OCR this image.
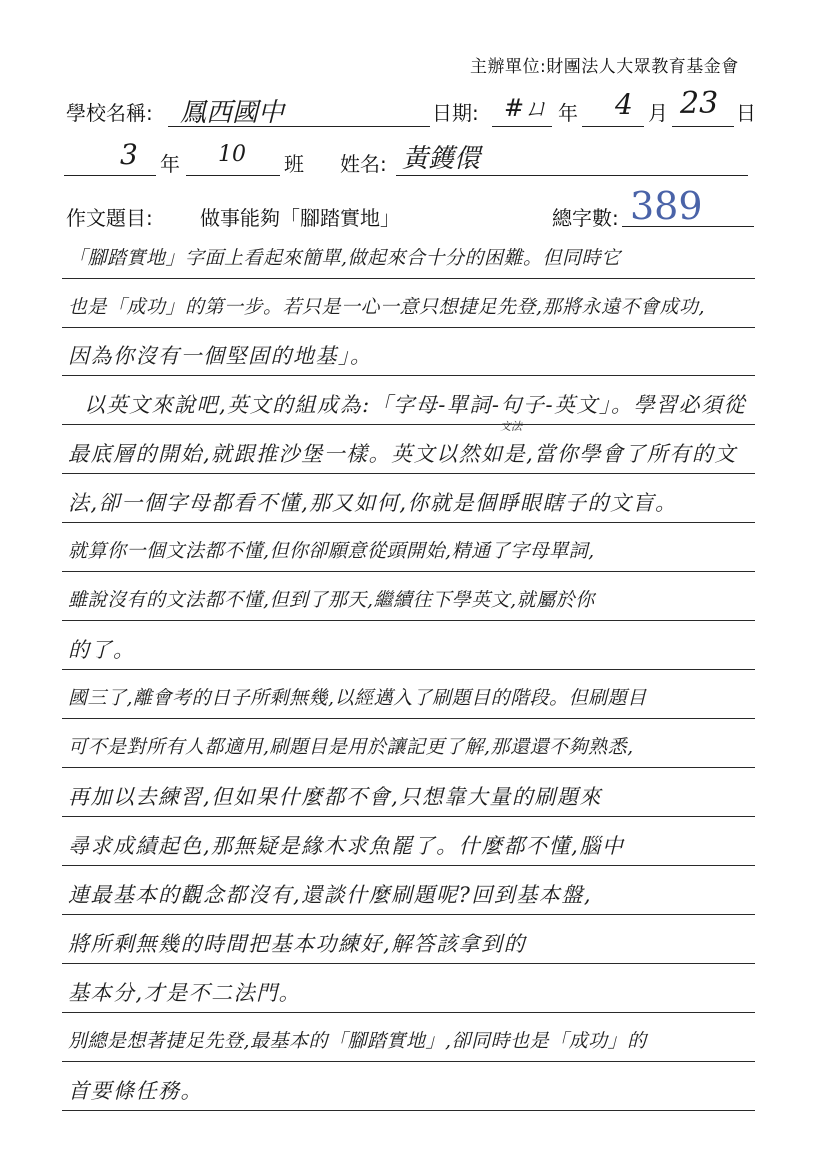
主辦單位:財團法人大眾教育基金會
學校名稱: 鳳西國中	日期: #ㄩ 年 4 月 23 日
3 年 10 班 姓名: 黃鑊儇
作文題目: 做事能夠「腳踏實地」	總字數: 389
「腳踏實地」字面上看起來簡單,做起來合十分的困難。但同時它
也是「成功」的第一步。若只是一心一意只想捷足先登,那將永遠不會成功,
因為你沒有一個堅固的地基」。
以英文來說吧,英文的組成為:「字母-單詞-句子-英文」。學習必須從
文法
最底層的開始,就跟推沙堡一樣。英文以然如是,當你學會了所有的文
法,卻一個字母都看不懂,那又如何,你就是個睜眼瞎子的文盲。
就算你一個文法都不懂,但你卻願意從頭開始,精通了字母單詞,
雖說沒有的文法都不懂,但到了那天,繼續往下學英文,就屬於你
的了。
國三了,離會考的日子所剩無幾,以經邁入了刷題目的階段。但刷題目
可不是對所有人都適用,刷題目是用於讓記更了解,那還還不夠熟悉,
再加以去練習,但如果什麼都不會,只想靠大量的刷題來
尋求成績起色,那無疑是緣木求魚罷了。什麼都不懂,腦中
連最基本的觀念都沒有,還談什麼刷題呢?回到基本盤,
將所剩無幾的時間把基本功練好,解答該拿到的
基本分,才是不二法門。
別總是想著捷足先登,最基本的「腳踏實地」,卻同時也是「成功」的
首要條任務。
